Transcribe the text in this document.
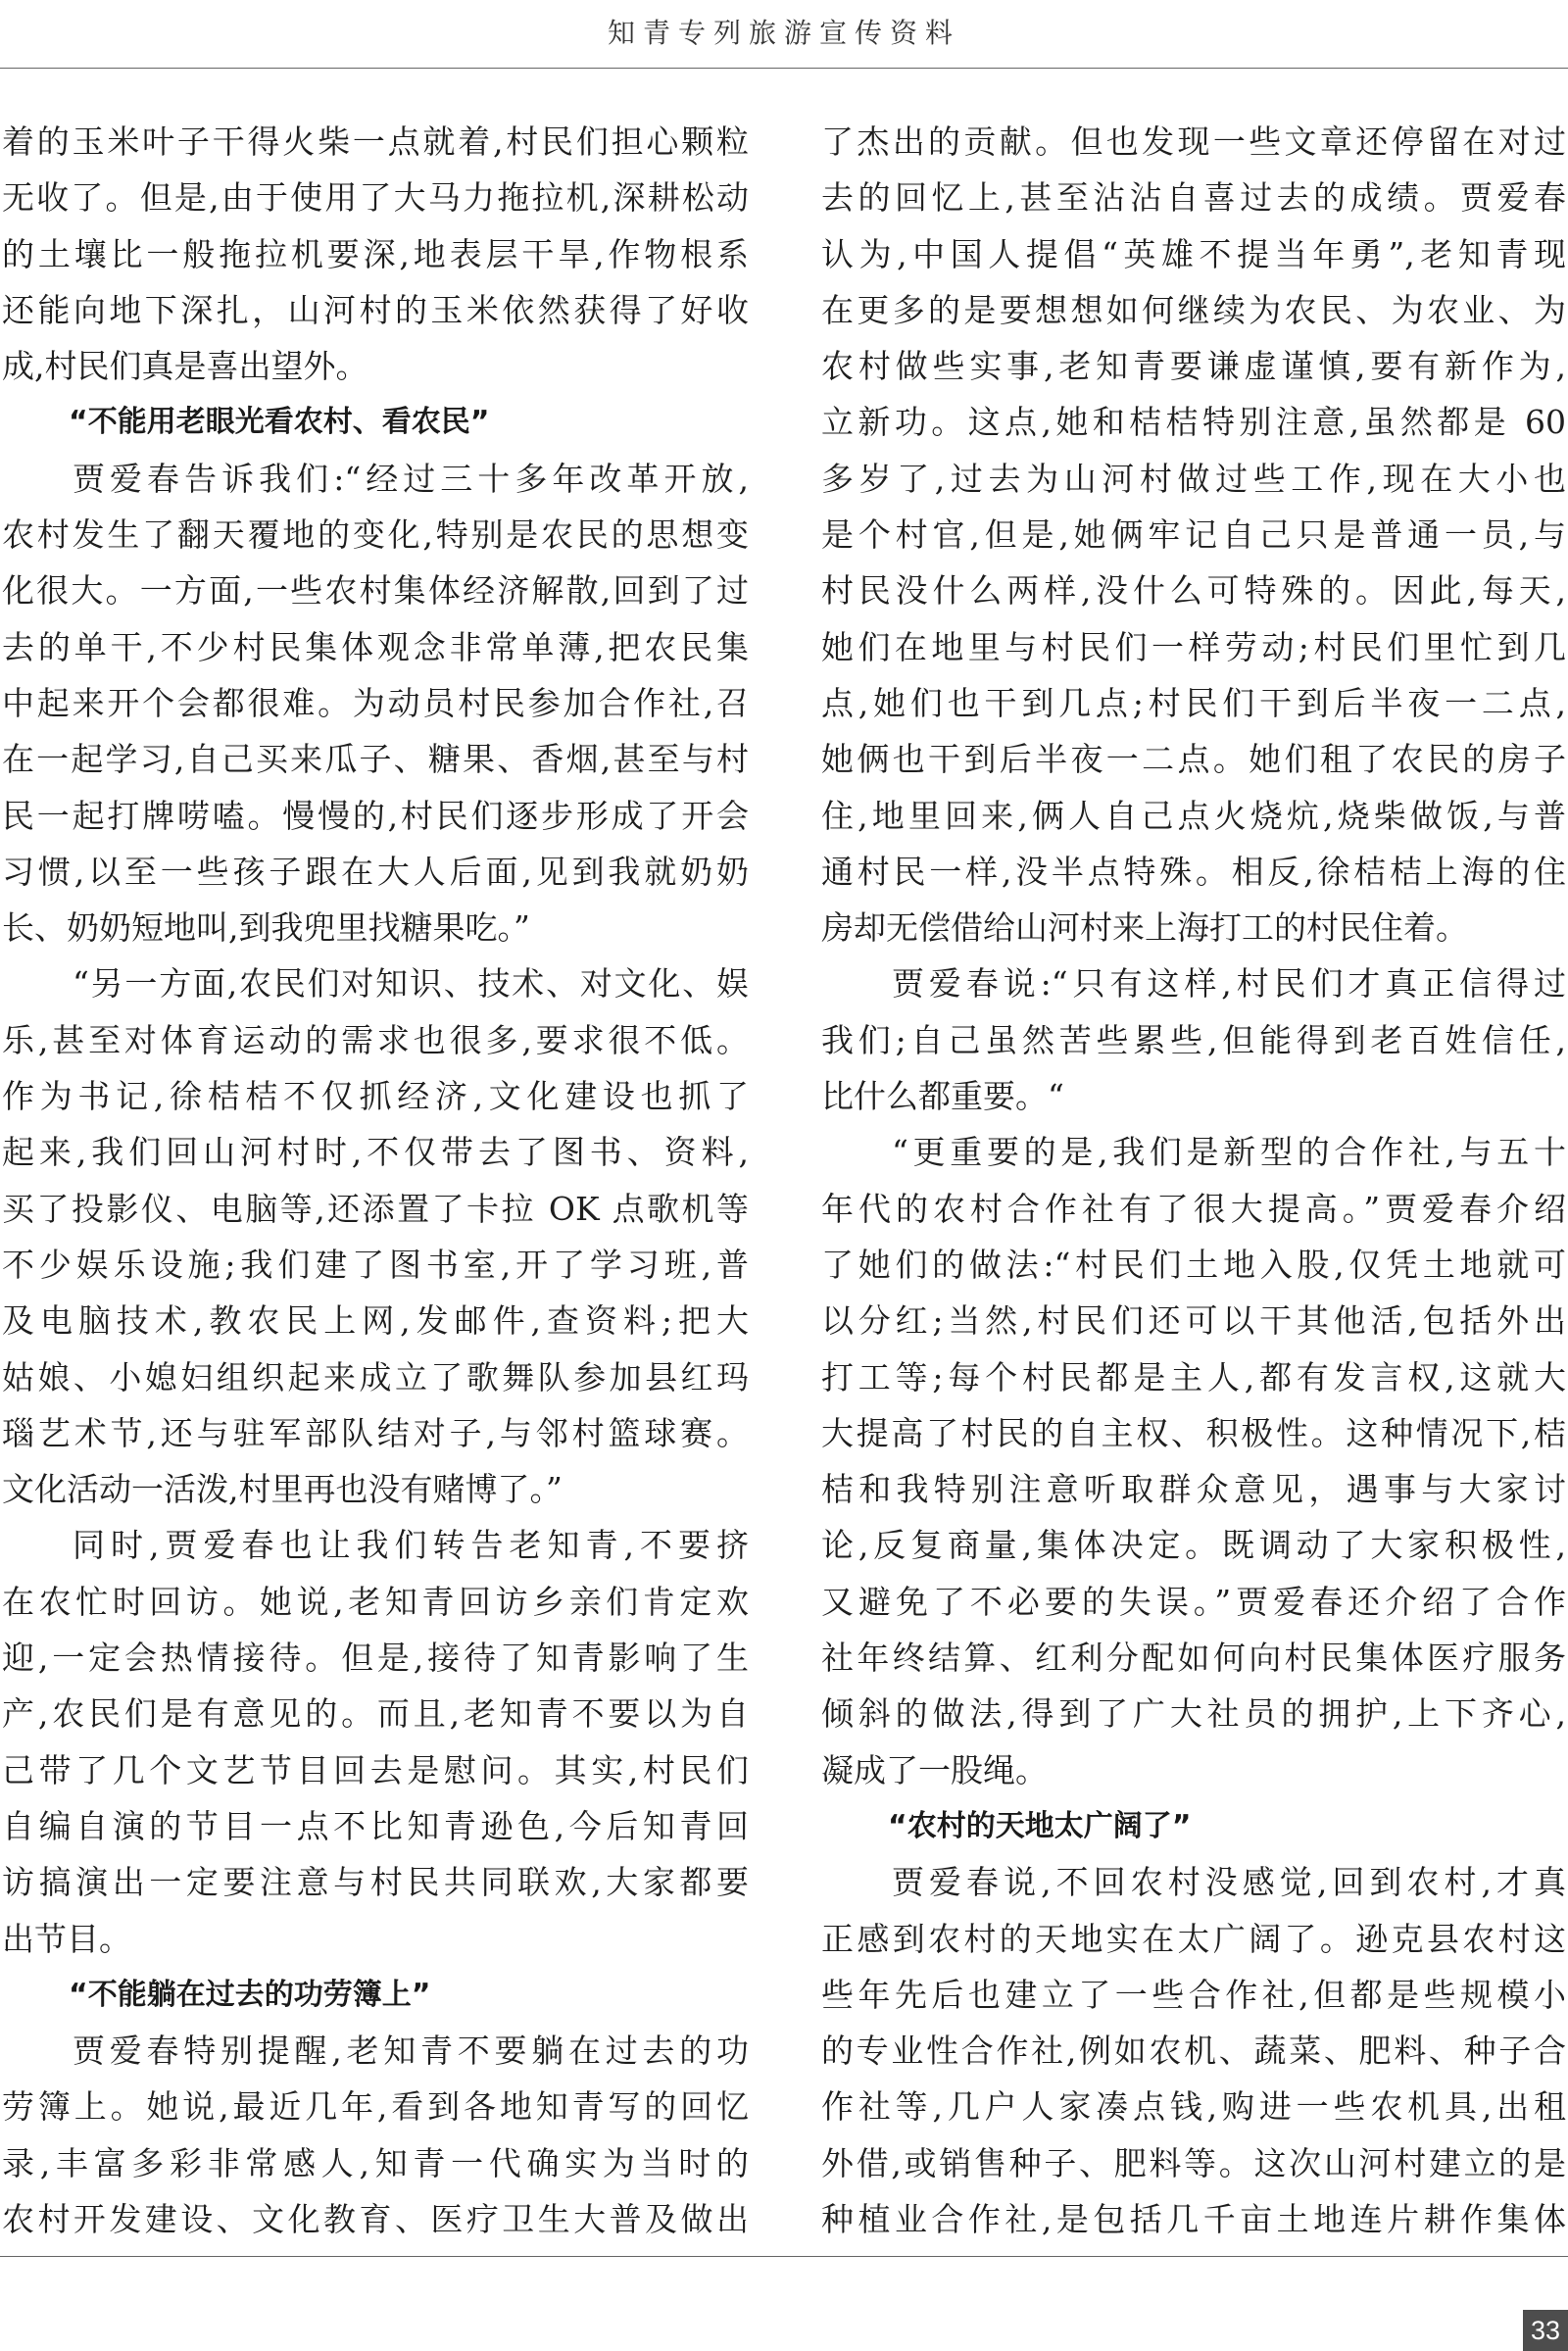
知青专列旅游宣传资料
着的玉米叶子干得火柴一点就着,村民们担心颗粒
无收了。但是,由于使用了大马力拖拉机,深耕松动
的土壤比一般拖拉机要深,地表层干旱,作物根系
还能向地下深扎，山河村的玉米依然获得了好收
成,村民们真是喜出望外。
“不能用老眼光看农村、看农民”
贾爱春告诉我们:“经过三十多年改革开放,
农村发生了翻天覆地的变化,特别是农民的思想变
化很大。一方面,一些农村集体经济解散,回到了过
去的单干,不少村民集体观念非常单薄,把农民集
中起来开个会都很难。为动员村民参加合作社,召
在一起学习,自己买来瓜子、糖果、香烟,甚至与村
民一起打牌唠嗑。慢慢的,村民们逐步形成了开会
习惯,以至一些孩子跟在大人后面,见到我就奶奶
长、奶奶短地叫,到我兜里找糖果吃。”
“另一方面,农民们对知识、技术、对文化、娱
乐,甚至对体育运动的需求也很多,要求很不低。
作为书记,徐桔桔不仅抓经济,文化建设也抓了
起来,我们回山河村时,不仅带去了图书、资料,
买了投影仪、电脑等,还添置了卡拉 OK 点歌机等
不少娱乐设施;我们建了图书室,开了学习班,普
及电脑技术,教农民上网,发邮件,查资料;把大
姑娘、小媳妇组织起来成立了歌舞队参加县红玛
瑙艺术节,还与驻军部队结对子,与邻村篮球赛。
文化活动一活泼,村里再也没有赌博了。”
同时,贾爱春也让我们转告老知青,不要挤
在农忙时回访。她说,老知青回访乡亲们肯定欢
迎,一定会热情接待。但是,接待了知青影响了生
产,农民们是有意见的。而且,老知青不要以为自
己带了几个文艺节目回去是慰问。其实,村民们
自编自演的节目一点不比知青逊色,今后知青回
访搞演出一定要注意与村民共同联欢,大家都要
出节目。
“不能躺在过去的功劳簿上”
贾爱春特别提醒,老知青不要躺在过去的功
劳簿上。她说,最近几年,看到各地知青写的回忆
录,丰富多彩非常感人,知青一代确实为当时的
农村开发建设、文化教育、医疗卫生大普及做出
了杰出的贡献。但也发现一些文章还停留在对过
去的回忆上,甚至沾沾自喜过去的成绩。贾爱春
认为,中国人提倡“英雄不提当年勇”,老知青现
在更多的是要想想如何继续为农民、为农业、为
农村做些实事,老知青要谦虚谨慎,要有新作为,
立新功。这点,她和桔桔特别注意,虽然都是 60
多岁了,过去为山河村做过些工作,现在大小也
是个村官,但是,她俩牢记自己只是普通一员,与
村民没什么两样,没什么可特殊的。因此,每天,
她们在地里与村民们一样劳动;村民们里忙到几
点,她们也干到几点;村民们干到后半夜一二点,
她俩也干到后半夜一二点。她们租了农民的房子
住,地里回来,俩人自己点火烧炕,烧柴做饭,与普
通村民一样,没半点特殊。相反,徐桔桔上海的住
房却无偿借给山河村来上海打工的村民住着。
贾爱春说:“只有这样,村民们才真正信得过
我们;自己虽然苦些累些,但能得到老百姓信任,
比什么都重要。“
“更重要的是,我们是新型的合作社,与五十
年代的农村合作社有了很大提高。”贾爱春介绍
了她们的做法:“村民们土地入股,仅凭土地就可
以分红;当然,村民们还可以干其他活,包括外出
打工等;每个村民都是主人,都有发言权,这就大
大提高了村民的自主权、积极性。这种情况下,桔
桔和我特别注意听取群众意见，遇事与大家讨
论,反复商量,集体决定。既调动了大家积极性,
又避免了不必要的失误。”贾爱春还介绍了合作
社年终结算、红利分配如何向村民集体医疗服务
倾斜的做法,得到了广大社员的拥护,上下齐心,
凝成了一股绳。
“农村的天地太广阔了”
贾爱春说,不回农村没感觉,回到农村,才真
正感到农村的天地实在太广阔了。逊克县农村这
些年先后也建立了一些合作社,但都是些规模小
的专业性合作社,例如农机、蔬菜、肥料、种子合
作社等,几户人家凑点钱,购进一些农机具,出租
外借,或销售种子、肥料等。这次山河村建立的是
种植业合作社,是包括几千亩土地连片耕作集体
33
